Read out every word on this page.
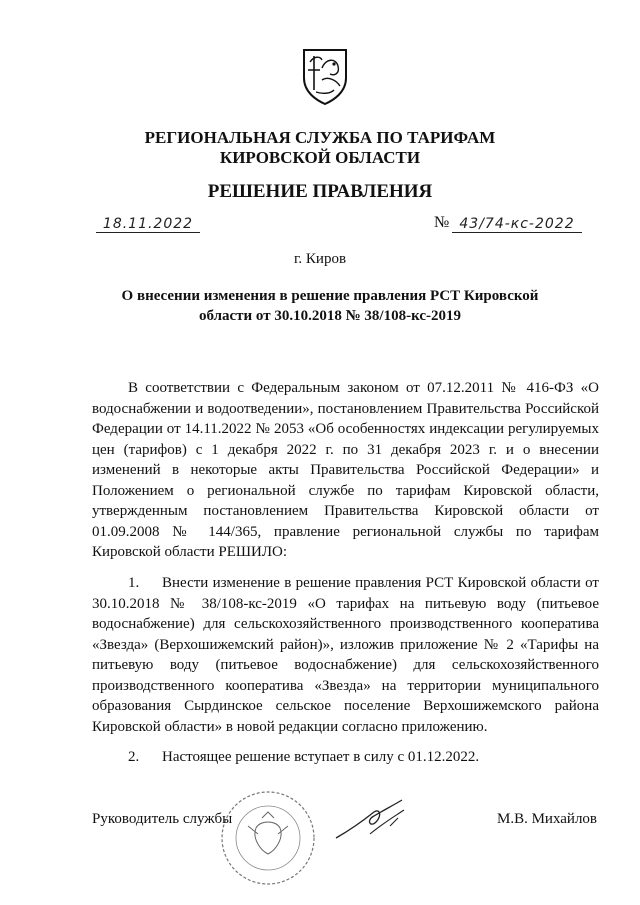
РЕГИОНАЛЬНАЯ СЛУЖБА ПО ТАРИФАМ
КИРОВСКОЙ ОБЛАСТИ
РЕШЕНИЕ ПРАВЛЕНИЯ
18.11.2022	№ 43/74-кс-2022
г. Киров
О внесении изменения в решение правления РСТ Кировской области от 30.10.2018 № 38/108-кс-2019
В соответствии с Федеральным законом от 07.12.2011 № 416-ФЗ «О водоснабжении и водоотведении», постановлением Правительства Российской Федерации от 14.11.2022 № 2053 «Об особенностях индексации регулируемых цен (тарифов) с 1 декабря 2022 г. по 31 декабря 2023 г. и о внесении изменений в некоторые акты Правительства Российской Федерации» и Положением о региональной службе по тарифам Кировской области, утвержденным постановлением Правительства Кировской области от 01.09.2008 № 144/365, правление региональной службы по тарифам Кировской области РЕШИЛО:
1. Внести изменение в решение правления РСТ Кировской области от 30.10.2018 № 38/108-кс-2019 «О тарифах на питьевую воду (питьевое водоснабжение) для сельскохозяйственного производственного кооператива «Звезда» (Верхошижемский район)», изложив приложение № 2 «Тарифы на питьевую воду (питьевое водоснабжение) для сельскохозяйственного производственного кооператива «Звезда» на территории муниципального образования Сырдинское сельское поселение Верхошижемского района Кировской области» в новой редакции согласно приложению.
2. Настоящее решение вступает в силу с 01.12.2022.
Руководитель службы	М.В. Михайлов
